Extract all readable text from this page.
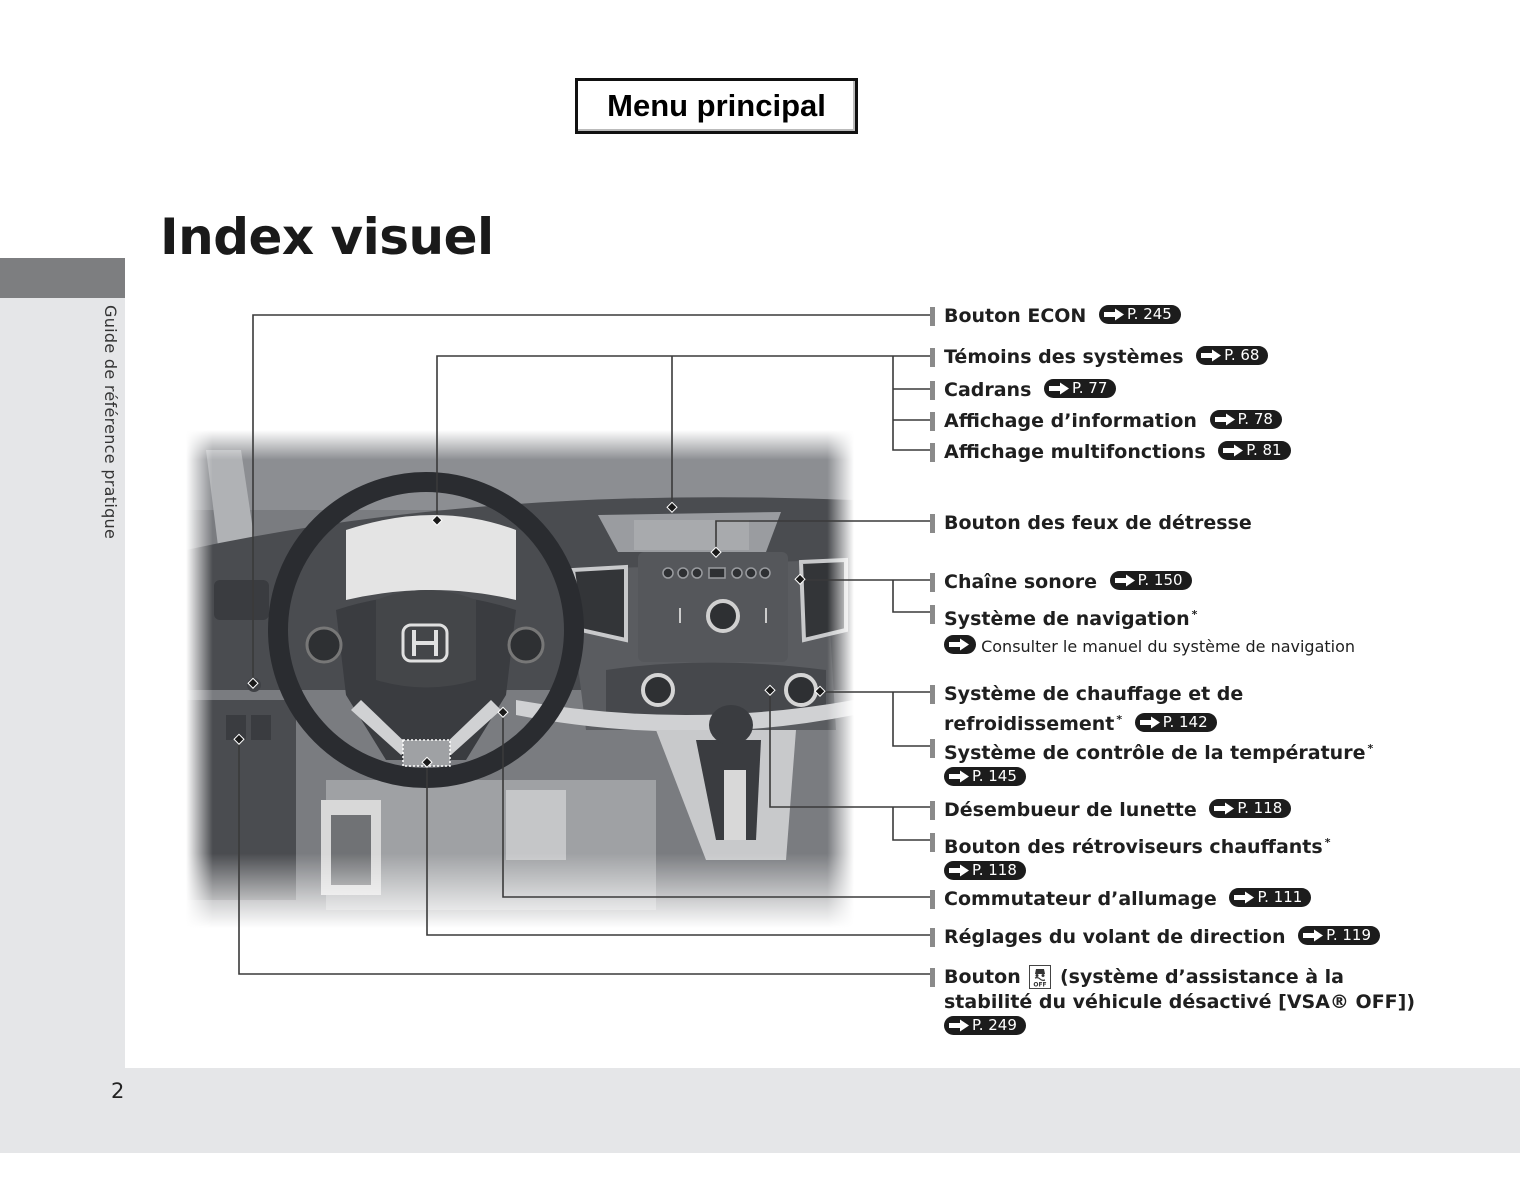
Guide de référence pratique
2
Menu principal
Index visuel
Bouton ECON	P. 245
Témoins des systèmes	P. 68
Cadrans	P. 77
Affichage d’information	P. 78
Affichage multifonctions	P. 81
Bouton des feux de détresse
Chaîne sonore	P. 150
Système de navigation *
Consulter le manuel du système de navigation
Système de chauffage et de
refroidissement *	P. 142
Système de contrôle de la température *
P. 145
Désembueur de lunette	P. 118
Bouton des rétroviseurs chauffants *
P. 118
Commutateur d’allumage	P. 111
Réglages du volant de direction	P. 119
Bouton OFF (système d’assistance à la
stabilité du véhicule désactivé [VSA® OFF])
P. 249
